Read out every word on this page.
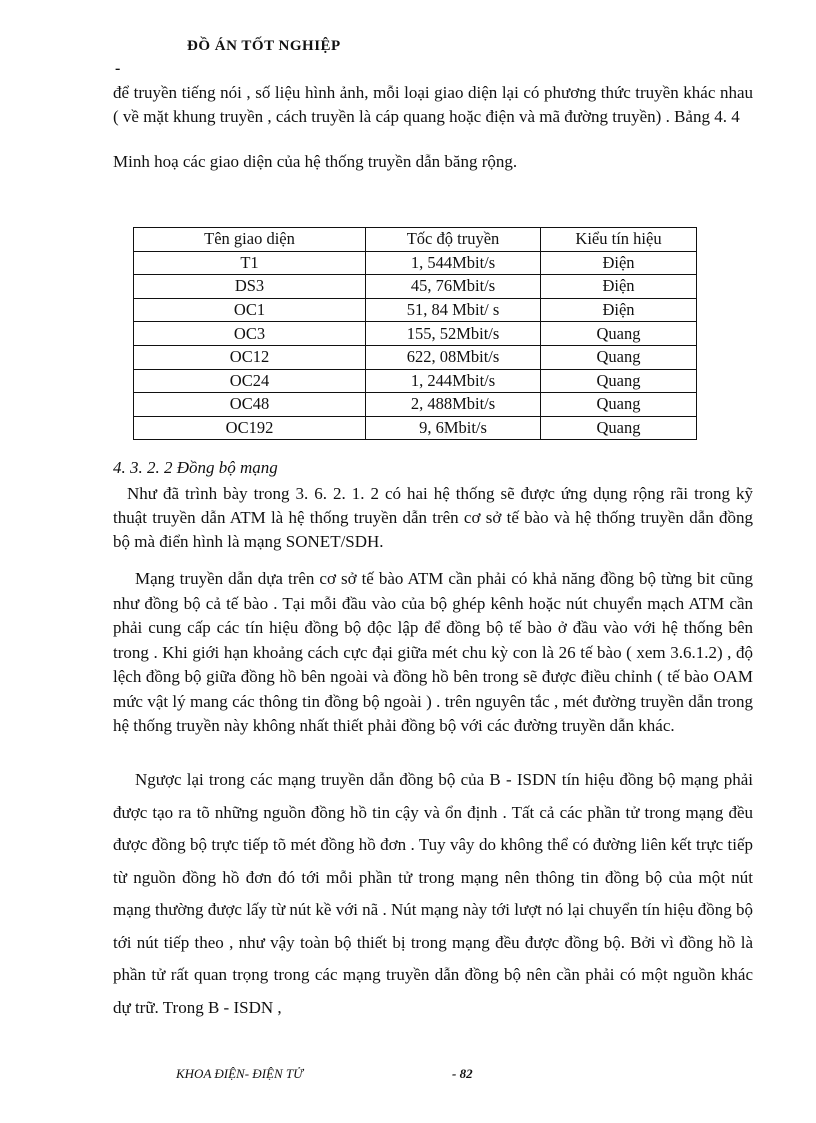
ĐỒ ÁN TỐT NGHIỆP
-

để truyền tiếng nói , số liệu hình ảnh, mỗi loại giao diện lại có phương thức truyền khác nhau ( về mặt khung truyền , cách truyền là cáp quang hoặc điện và mã đường truyền) . Bảng 4. 4

Minh hoạ các giao diện của hệ thống truyền dẫn băng rộng.

Tên giao diện	Tốc độ truyền	Kiểu tín hiệu
T1	1, 544Mbit/s	Điện
DS3	45, 76Mbit/s	Điện
OC1	51, 84 Mbit/ s	Điện
OC3	155, 52Mbit/s	Quang
OC12	622, 08Mbit/s	Quang
OC24	1, 244Mbit/s	Quang
OC48	2, 488Mbit/s	Quang
OC192	9, 6Mbit/s	Quang
4. 3. 2. 2 Đồng bộ mạng

Như đã trình bày trong 3. 6. 2. 1. 2 có hai hệ thống sẽ được ứng dụng rộng rãi trong kỹ thuật truyền dẫn ATM là hệ thống truyền dẫn trên cơ sở tế bào và hệ thống truyền dẫn đồng bộ mà điển hình là mạng SONET/SDH.

Mạng truyền dẫn dựa trên cơ sở tế bào ATM cần phải có khả năng đồng bộ từng bit cũng như đồng bộ cả tế bào . Tại mỗi đầu vào của bộ ghép kênh hoặc nút chuyển mạch ATM cần phải cung cấp các tín hiệu đồng bộ độc lập để đồng bộ tế bào ở đầu vào với hệ thống bên trong . Khi giới hạn khoảng cách cực đại giữa mét chu kỳ con là 26 tế bào ( xem 3.6.1.2) , độ lệch đồng bộ giữa đồng hồ bên ngoài và đồng hồ bên trong sẽ được điều chỉnh ( tế bào OAM mức vật lý mang các thông tin đồng bộ ngoài ) . trên nguyên tắc , mét đường truyền dẫn trong hệ thống truyền này không nhất thiết phải đồng bộ với các đường truyền dẫn khác.

Ngược lại trong các mạng truyền dẫn đồng bộ của B - ISDN tín hiệu đồng bộ mạng phải được tạo ra tõ những nguồn đồng hồ tin cậy và ổn định . Tất cả các phần tử trong mạng đều được đồng bộ trực tiếp tõ mét đồng hồ đơn . Tuy vây do không thể có đường liên kết trực tiếp từ nguồn đồng hồ đơn đó tới mỗi phần tử trong mạng nên thông tin đồng bộ của một nút mạng thường được lấy từ nút kề với nã . Nút mạng này tới lượt nó lại chuyển tín hiệu đồng bộ tới nút tiếp theo , như vậy toàn bộ thiết bị trong mạng đều được đồng bộ. Bởi vì đồng hồ là phần tử rất quan trọng trong các mạng truyền dẫn đồng bộ nên cần phải có một nguồn khác dự trữ. Trong B - ISDN ,

KHOA ĐIỆN- ĐIỆN TỬ	- 82
